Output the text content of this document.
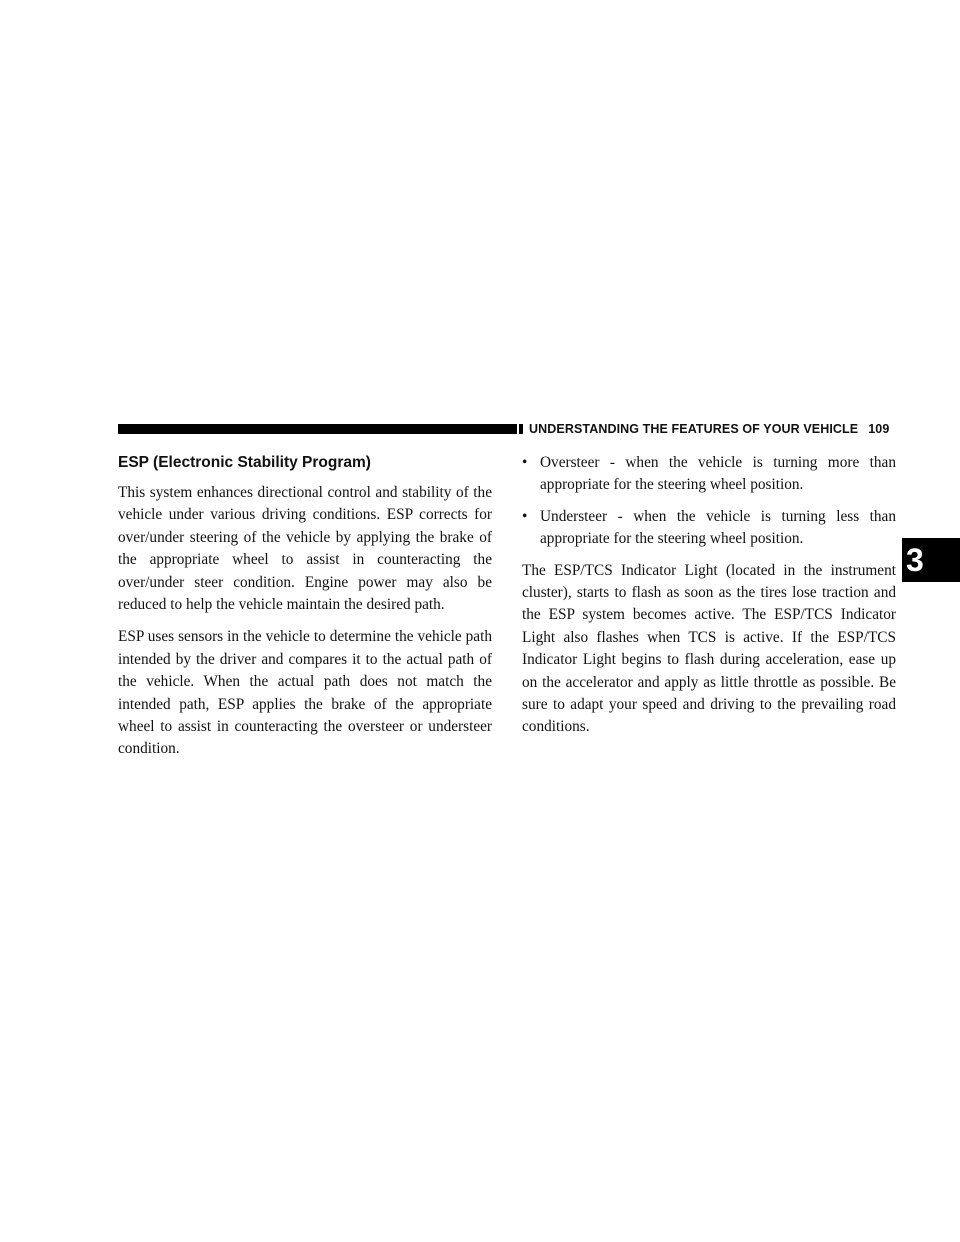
UNDERSTANDING THE FEATURES OF YOUR VEHICLE 109
3
ESP (Electronic Stability Program)

This system enhances directional control and stability of the vehicle under various driving conditions. ESP corrects for over/under steering of the vehicle by applying the brake of the appropriate wheel to assist in counteracting the over/under steer condition. Engine power may also be reduced to help the vehicle maintain the desired path.

ESP uses sensors in the vehicle to determine the vehicle path intended by the driver and compares it to the actual path of the vehicle. When the actual path does not match the intended path, ESP applies the brake of the appropriate wheel to assist in counteracting the oversteer or understeer condition.

• Oversteer - when the vehicle is turning more than appropriate for the steering wheel position.
• Understeer - when the vehicle is turning less than appropriate for the steering wheel position.

The ESP/TCS Indicator Light (located in the instrument cluster), starts to flash as soon as the tires lose traction and the ESP system becomes active. The ESP/TCS Indicator Light also flashes when TCS is active. If the ESP/TCS Indicator Light begins to flash during acceleration, ease up on the accelerator and apply as little throttle as possible. Be sure to adapt your speed and driving to the prevailing road conditions.
